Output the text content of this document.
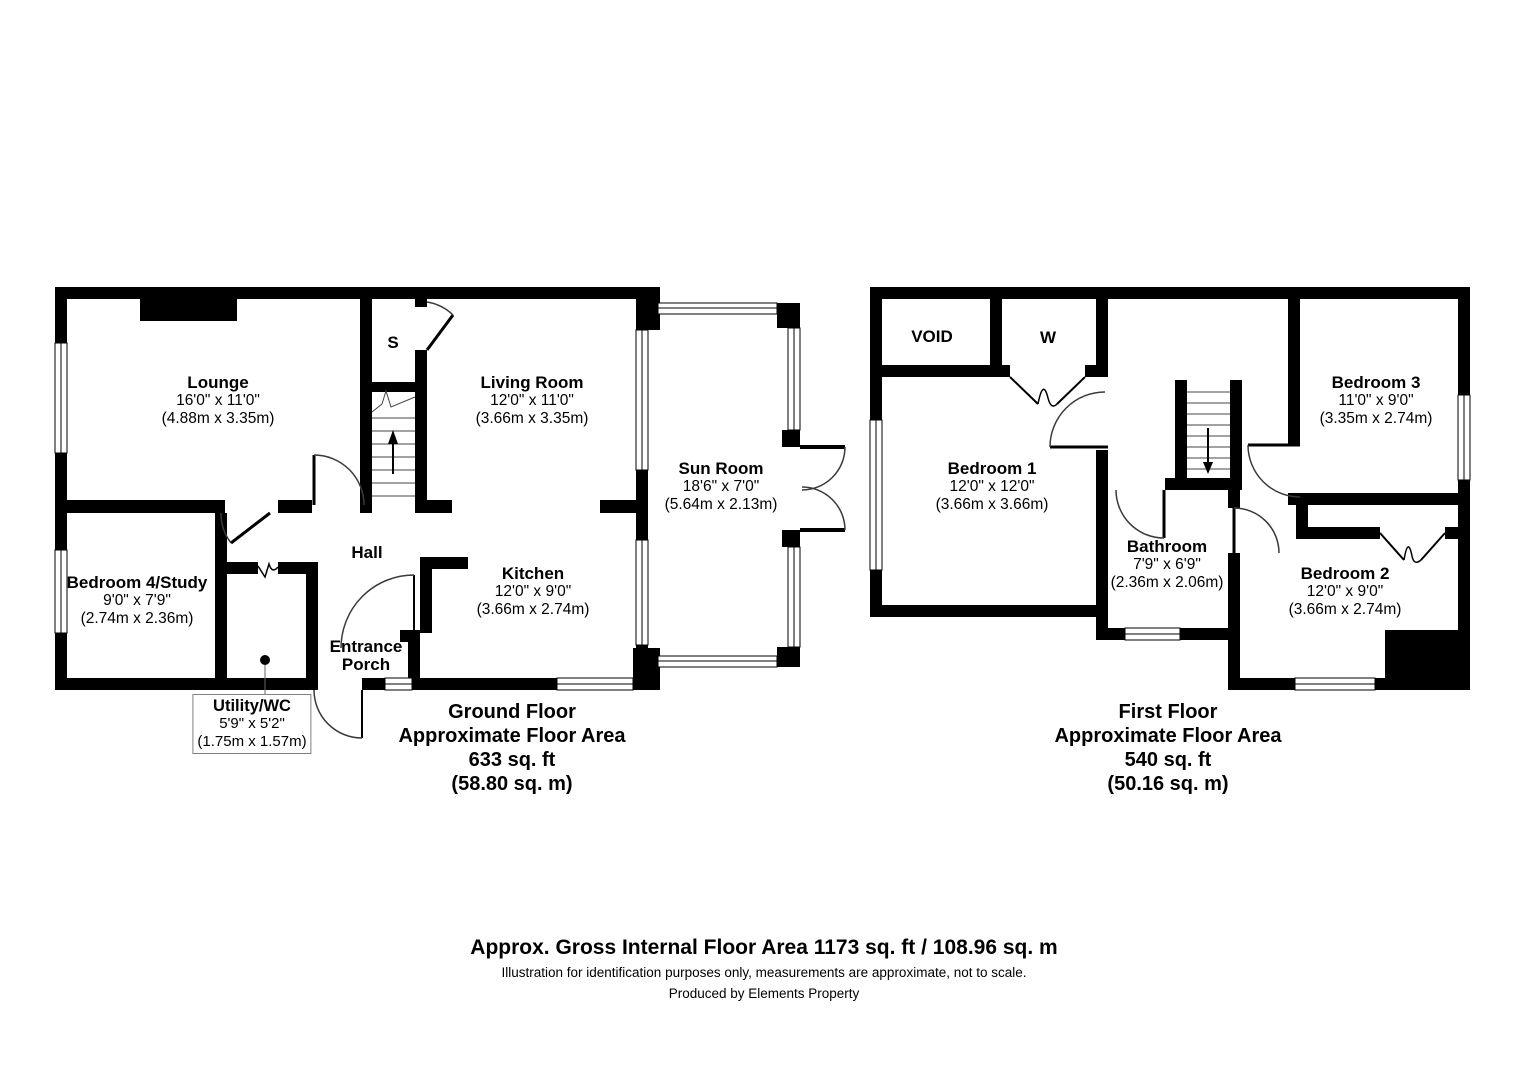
Lounge
16'0" x 11'0"
(4.88m x 3.35m)
Living Room
12'0" x 11'0"
(3.66m x 3.35m)
S
Sun Room
18'6" x 7'0"
(5.64m x 2.13m)
Hall
Bedroom 4/Study
9'0" x 7'9"
(2.74m x 2.36m)
Kitchen
12'0" x 9'0"
(3.66m x 2.74m)
Entrance Porch
Utility/WC
5'9" x 5'2"
(1.75m x 1.57m)
Ground Floor
Approximate Floor Area
633 sq. ft
(58.80 sq. m)
VOID	W
Bedroom 1
12'0" x 12'0"
(3.66m x 3.66m)
Bedroom 3
11'0" x 9'0"
(3.35m x 2.74m)
Bathroom
7'9" x 6'9"
(2.36m x 2.06m)	Bedroom 2
12'0" x 9'0"
(3.66m x 2.74m)
First Floor
Approximate Floor Area
540 sq. ft
(50.16 sq. m)
Approx. Gross Internal Floor Area 1173 sq. ft / 108.96 sq. m
Illustration for identification purposes only, measurements are approximate, not to scale.
Produced by Elements Property
